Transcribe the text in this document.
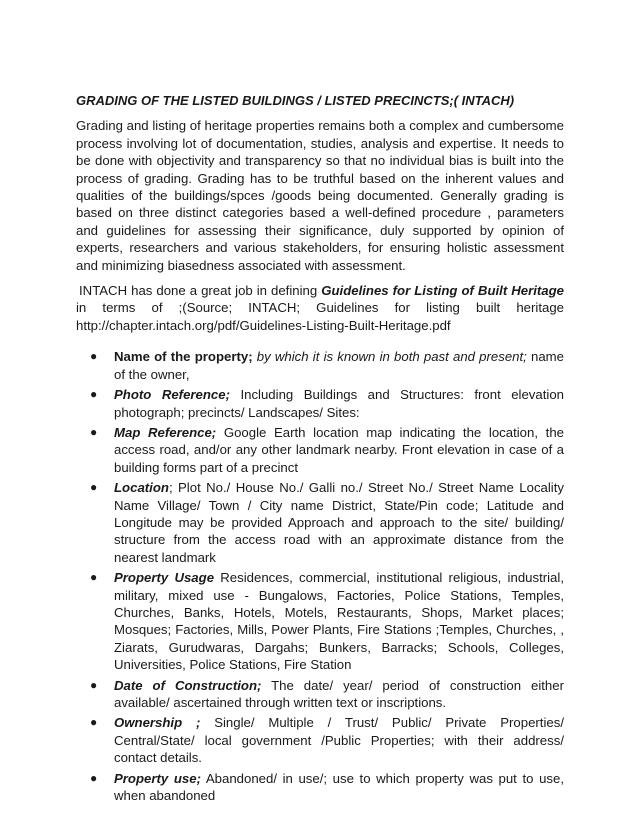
GRADING OF THE LISTED BUILDINGS / LISTED PRECINCTS;( INTACH)

Grading and listing of heritage properties remains both a complex and cumbersome process involving lot of documentation, studies, analysis and expertise. It needs to be done with objectivity and transparency so that no individual bias is built into the process of grading. Grading has to be truthful based on the inherent values and qualities of the buildings/spces /goods being documented. Generally grading is based on three distinct categories based a well-defined procedure , parameters and guidelines for assessing their significance, duly supported by opinion of experts, researchers and various stakeholders, for ensuring holistic assessment and minimizing biasedness associated with assessment.

INTACH has done a great job in defining Guidelines for Listing of Built Heritage in terms of ;(Source; INTACH; Guidelines for listing built heritage http://chapter.intach.org/pdf/Guidelines-Listing-Built-Heritage.pdf

● Name of the property; by which it is known in both past and present; name of the owner,
● Photo Reference; Including Buildings and Structures: front elevation photograph; precincts/ Landscapes/ Sites:
● Map Reference; Google Earth location map indicating the location, the access road, and/or any other landmark nearby. Front elevation in case of a building forms part of a precinct
● Location; Plot No./ House No./ Galli no./ Street No./ Street Name Locality Name Village/ Town / City name District, State/Pin code; Latitude and Longitude may be provided Approach and approach to the site/ building/ structure from the access road with an approximate distance from the nearest landmark
● Property Usage Residences, commercial, institutional religious, industrial, military, mixed use - Bungalows, Factories, Police Stations, Temples, Churches, Banks, Hotels, Motels, Restaurants, Shops, Market places; Mosques; Factories, Mills, Power Plants, Fire Stations ;Temples, Churches, , Ziarats, Gurudwaras, Dargahs; Bunkers, Barracks; Schools, Colleges, Universities, Police Stations, Fire Station
● Date of Construction; The date/ year/ period of construction either available/ ascertained through written text or inscriptions.
● Ownership ; Single/ Multiple / Trust/ Public/ Private Properties/ Central/State/ local government /Public Properties; with their address/ contact details.
● Property use; Abandoned/ in use/; use to which property was put to use, when abandoned
